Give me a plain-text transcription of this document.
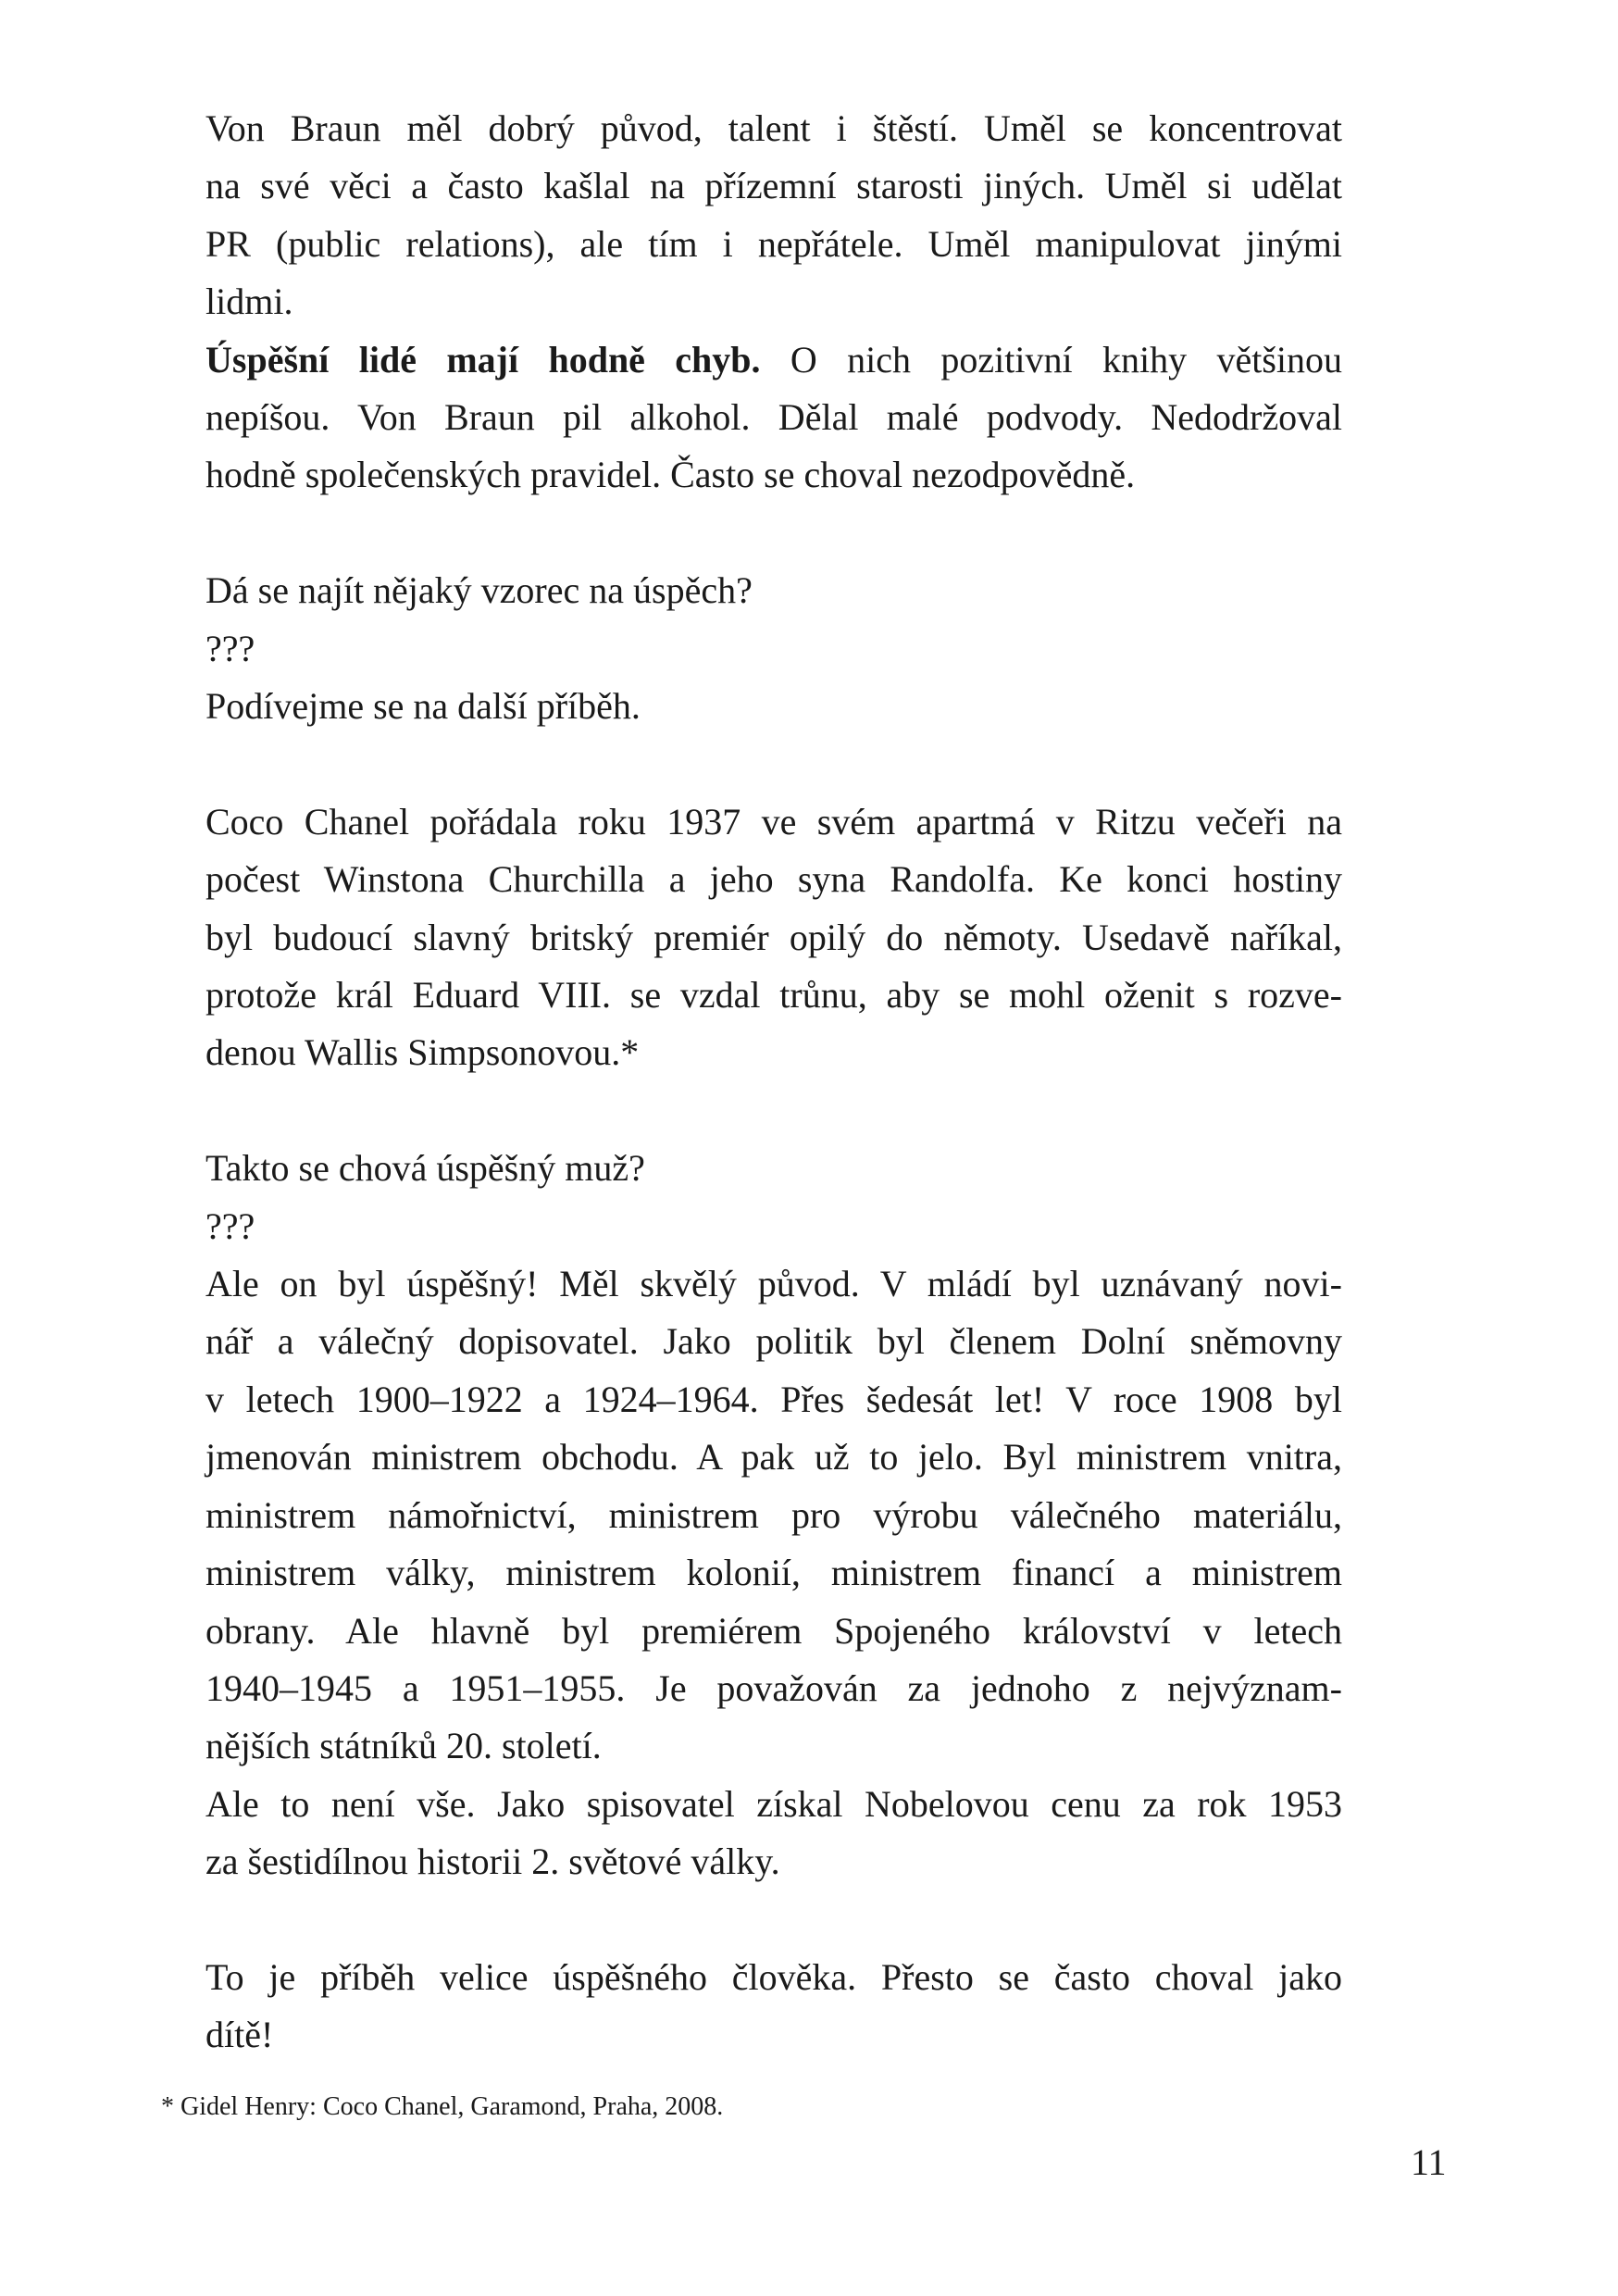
Von Braun měl dobrý původ, talent i štěstí. Uměl se koncentrovat
na své věci a často kašlal na přízemní starosti jiných. Uměl si udělat
PR (public relations), ale tím i nepřátele. Uměl manipulovat jinými
lidmi.
Úspěšní lidé mají hodně chyb. O nich pozitivní knihy většinou
nepíšou. Von Braun pil alkohol. Dělal malé podvody. Nedodržoval
hodně společenských pravidel. Často se choval nezodpovědně.
Dá se najít nějaký vzorec na úspěch?
???
Podívejme se na další příběh.
Coco Chanel pořádala roku 1937 ve svém apartmá v Ritzu večeři na
počest Winstona Churchilla a jeho syna Randolfa. Ke konci hostiny
byl budoucí slavný britský premiér opilý do němoty. Usedavě naříkal,
protože král Eduard VIII. se vzdal trůnu, aby se mohl oženit s rozve-
denou Wallis Simpsonovou.*
Takto se chová úspěšný muž?
???
Ale on byl úspěšný! Měl skvělý původ. V mládí byl uznávaný novi-
nář a válečný dopisovatel. Jako politik byl členem Dolní sněmovny
v letech 1900–1922 a 1924–1964. Přes šedesát let! V roce 1908 byl
jmenován ministrem obchodu. A pak už to jelo. Byl ministrem vnitra,
ministrem námořnictví, ministrem pro výrobu válečného materiálu,
ministrem války, ministrem kolonií, ministrem financí a ministrem
obrany. Ale hlavně byl premiérem Spojeného království v letech
1940–1945 a 1951–1955. Je považován za jednoho z nejvýznam-
nějších státníků 20. století.
Ale to není vše. Jako spisovatel získal Nobelovou cenu za rok 1953
za šestidílnou historii 2. světové války.
To je příběh velice úspěšného člověka. Přesto se často choval jako
dítě!
* Gidel Henry: Coco Chanel, Garamond, Praha, 2008.
11
